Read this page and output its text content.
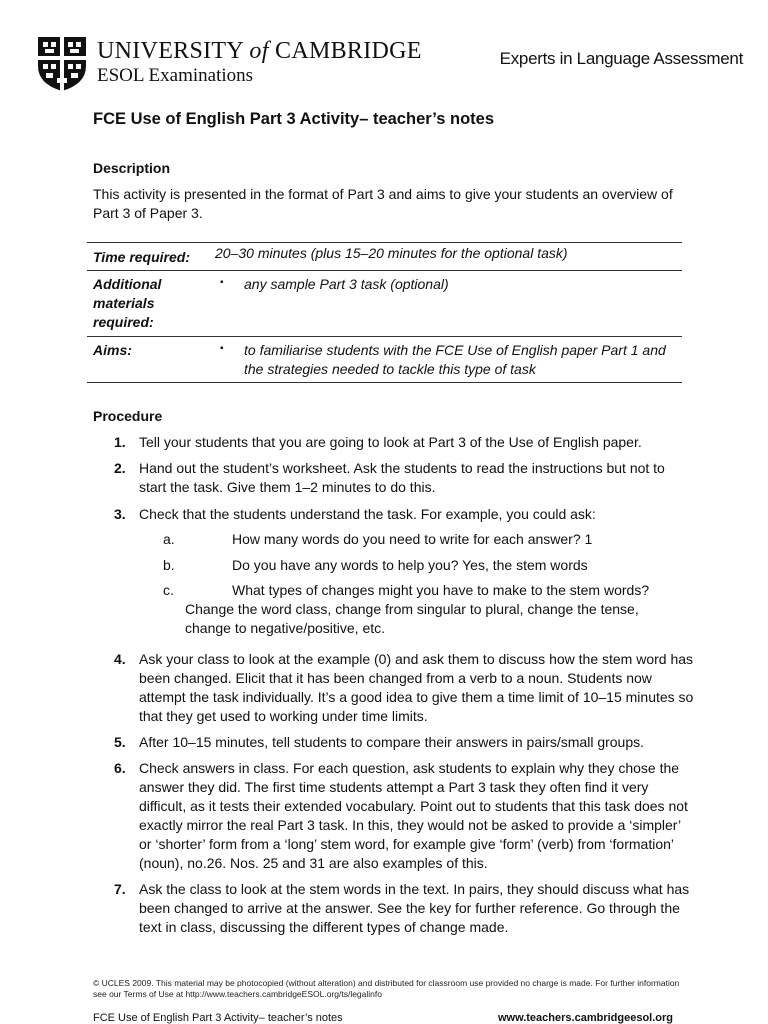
UNIVERSITY of CAMBRIDGE
ESOL Examinations
Experts in Language Assessment
FCE Use of English Part 3 Activity– teacher’s notes
Description

This activity is presented in the format of Part 3 and aims to give your students an overview of Part 3 of Paper 3.

Time required: 20–30 minutes (plus 15–20 minutes for the optional task)
Additional materials required:
▪ any sample Part 3 task (optional)
Aims:	▪ to familiarise students with the FCE Use of English paper Part 1 and the strategies needed to tackle this type of task
Procedure
1. Tell your students that you are going to look at Part 3 of the Use of English paper.
2. Hand out the student’s worksheet. Ask the students to read the instructions but not to start the task. Give them 1–2 minutes to do this.
3. Check that the students understand the task. For example, you could ask:
a.	How many words do you need to write for each answer? 1
b.	Do you have any words to help you? Yes, the stem words
c.	What types of changes might you have to make to the stem words?
Change the word class, change from singular to plural, change the tense, change to negative/positive, etc.
4. Ask your class to look at the example (0) and ask them to discuss how the stem word has been changed. Elicit that it has been changed from a verb to a noun. Students now attempt the task individually. It’s a good idea to give them a time limit of 10–15 minutes so that they get used to working under time limits.
5. After 10–15 minutes, tell students to compare their answers in pairs/small groups.
6. Check answers in class. For each question, ask students to explain why they chose the answer they did. The first time students attempt a Part 3 task they often find it very difficult, as it tests their extended vocabulary. Point out to students that this task does not exactly mirror the real Part 3 task. In this, they would not be asked to provide a ‘simpler’ or ‘shorter’ form from a ‘long’ stem word, for example give ‘form’ (verb) from ‘formation’ (noun), no.26. Nos. 25 and 31 are also examples of this.
7. Ask the class to look at the stem words in the text. In pairs, they should discuss what has been changed to arrive at the answer. See the key for further reference. Go through the text in class, discussing the different types of change made.
© UCLES 2009. This material may be photocopied (without alteration) and distributed for classroom use provided no charge is made. For further information see our Terms of Use at http://www.teachers.cambridgeESOL.org/ts/legalinfo
FCE Use of English Part 3 Activity– teacher’s notes	www.teachers.cambridgeesol.org
